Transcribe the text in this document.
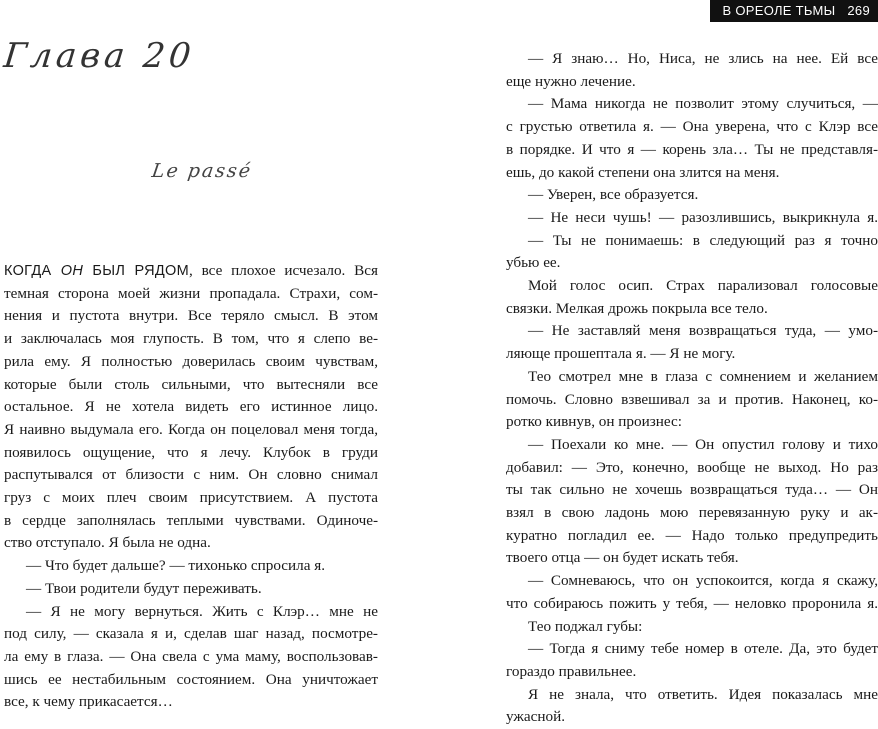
Глава 20
Le passé
КОГДА ОН БЫЛ РЯДОМ, все плохое исчезало. Вся
темная сторона моей жизни пропадала. Страхи, сом-
нения и пустота внутри. Все теряло смысл. В этом
и заключалась моя глупость. В том, что я слепо ве-
рила ему. Я полностью доверилась своим чувствам,
которые были столь сильными, что вытесняли все
остальное. Я не хотела видеть его истинное лицо.
Я наивно выдумала его. Когда он поцеловал меня тогда,
появилось ощущение, что я лечу. Клубок в груди
распутывался от близости с ним. Он словно снимал
груз с моих плеч своим присутствием. А пустота
в сердце заполнялась теплыми чувствами. Одиноче-
ство отступало. Я была не одна.
— Что будет дальше? — тихонько спросила я.
— Твои родители будут переживать.
— Я не могу вернуться. Жить с Клэр… мне не
под силу, — сказала я и, сделав шаг назад, посмотре-
ла ему в глаза. — Она свела с ума маму, воспользовав-
шись ее нестабильным состоянием. Она уничтожает
все, к чему прикасается…
В ОРЕОЛЕ ТЬМЫ 269
— Я знаю… Но, Ниса, не злись на нее. Ей все
еще нужно лечение.
— Мама никогда не позволит этому случиться, —
с грустью ответила я. — Она уверена, что с Клэр все
в порядке. И что я — корень зла… Ты не представля-
ешь, до какой степени она злится на меня.
— Уверен, все образуется.
— Не неси чушь! — разозлившись, выкрикнула я.
— Ты не понимаешь: в следующий раз я точно
убью ее.
Мой голос осип. Страх парализовал голосовые
связки. Мелкая дрожь покрыла все тело.
— Не заставляй меня возвращаться туда, — умо-
ляюще прошептала я. — Я не могу.
Тео смотрел мне в глаза с сомнением и желанием
помочь. Словно взвешивал за и против. Наконец, ко-
ротко кивнув, он произнес:
— Поехали ко мне. — Он опустил голову и тихо
добавил: — Это, конечно, вообще не выход. Но раз
ты так сильно не хочешь возвращаться туда… — Он
взял в свою ладонь мою перевязанную руку и ак-
куратно погладил ее. — Надо только предупредить
твоего отца — он будет искать тебя.
— Сомневаюсь, что он успокоится, когда я скажу,
что собираюсь пожить у тебя, — неловко проронила я.
Тео поджал губы:
— Тогда я сниму тебе номер в отеле. Да, это будет
гораздо правильнее.
Я не знала, что ответить. Идея показалась мне
ужасной.
